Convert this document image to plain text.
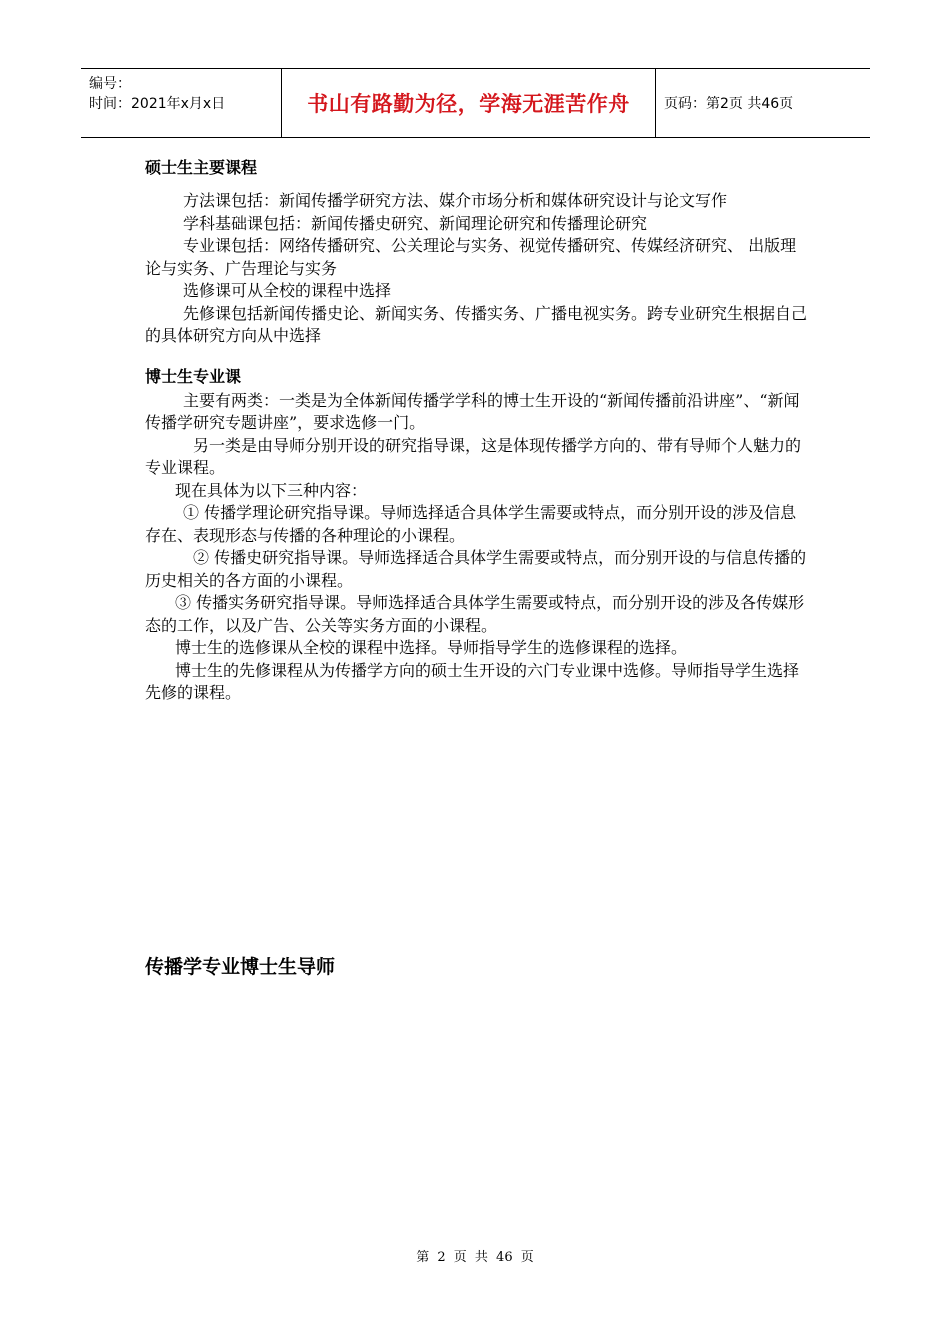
编号：
时间：2021年x月x日	书山有路勤为径，学海无涯苦作舟 页码：第2页 共46页
硕士生主要课程

方法课包括：新闻传播学研究方法、媒介市场分析和媒体研究设计与论文写作

学科基础课包括：新闻传播史研究、新闻理论研究和传播理论研究

专业课包括：网络传播研究、公关理论与实务、视觉传播研究、传媒经济研究、 出版理论与实务、广告理论与实务

选修课可从全校的课程中选择

先修课包括新闻传播史论、新闻实务、传播实务、广播电视实务。跨专业研究生根据自己的具体研究方向从中选择

博士生专业课

主要有两类：一类是为全体新闻传播学学科的博士生开设的“新闻传播前沿讲座”、“新闻传播学研究专题讲座”，要求选修一门。

另一类是由导师分别开设的研究指导课，这是体现传播学方向的、带有导师个人魅力的专业课程。

现在具体为以下三种内容：

① 传播学理论研究指导课。导师选择适合具体学生需要或特点，而分别开设的涉及信息存在、表现形态与传播的各种理论的小课程。

② 传播史研究指导课。导师选择适合具体学生需要或特点，而分别开设的与信息传播的历史相关的各方面的小课程。

③ 传播实务研究指导课。导师选择适合具体学生需要或特点，而分别开设的涉及各传媒形态的工作，以及广告、公关等实务方面的小课程。

博士生的选修课从全校的课程中选择。导师指导学生的选修课程的选择。

博士生的先修课程从为传播学方向的硕士生开设的六门专业课中选修。导师指导学生选择先修的课程。

传播学专业博士生导师
第 2 页 共 46 页
